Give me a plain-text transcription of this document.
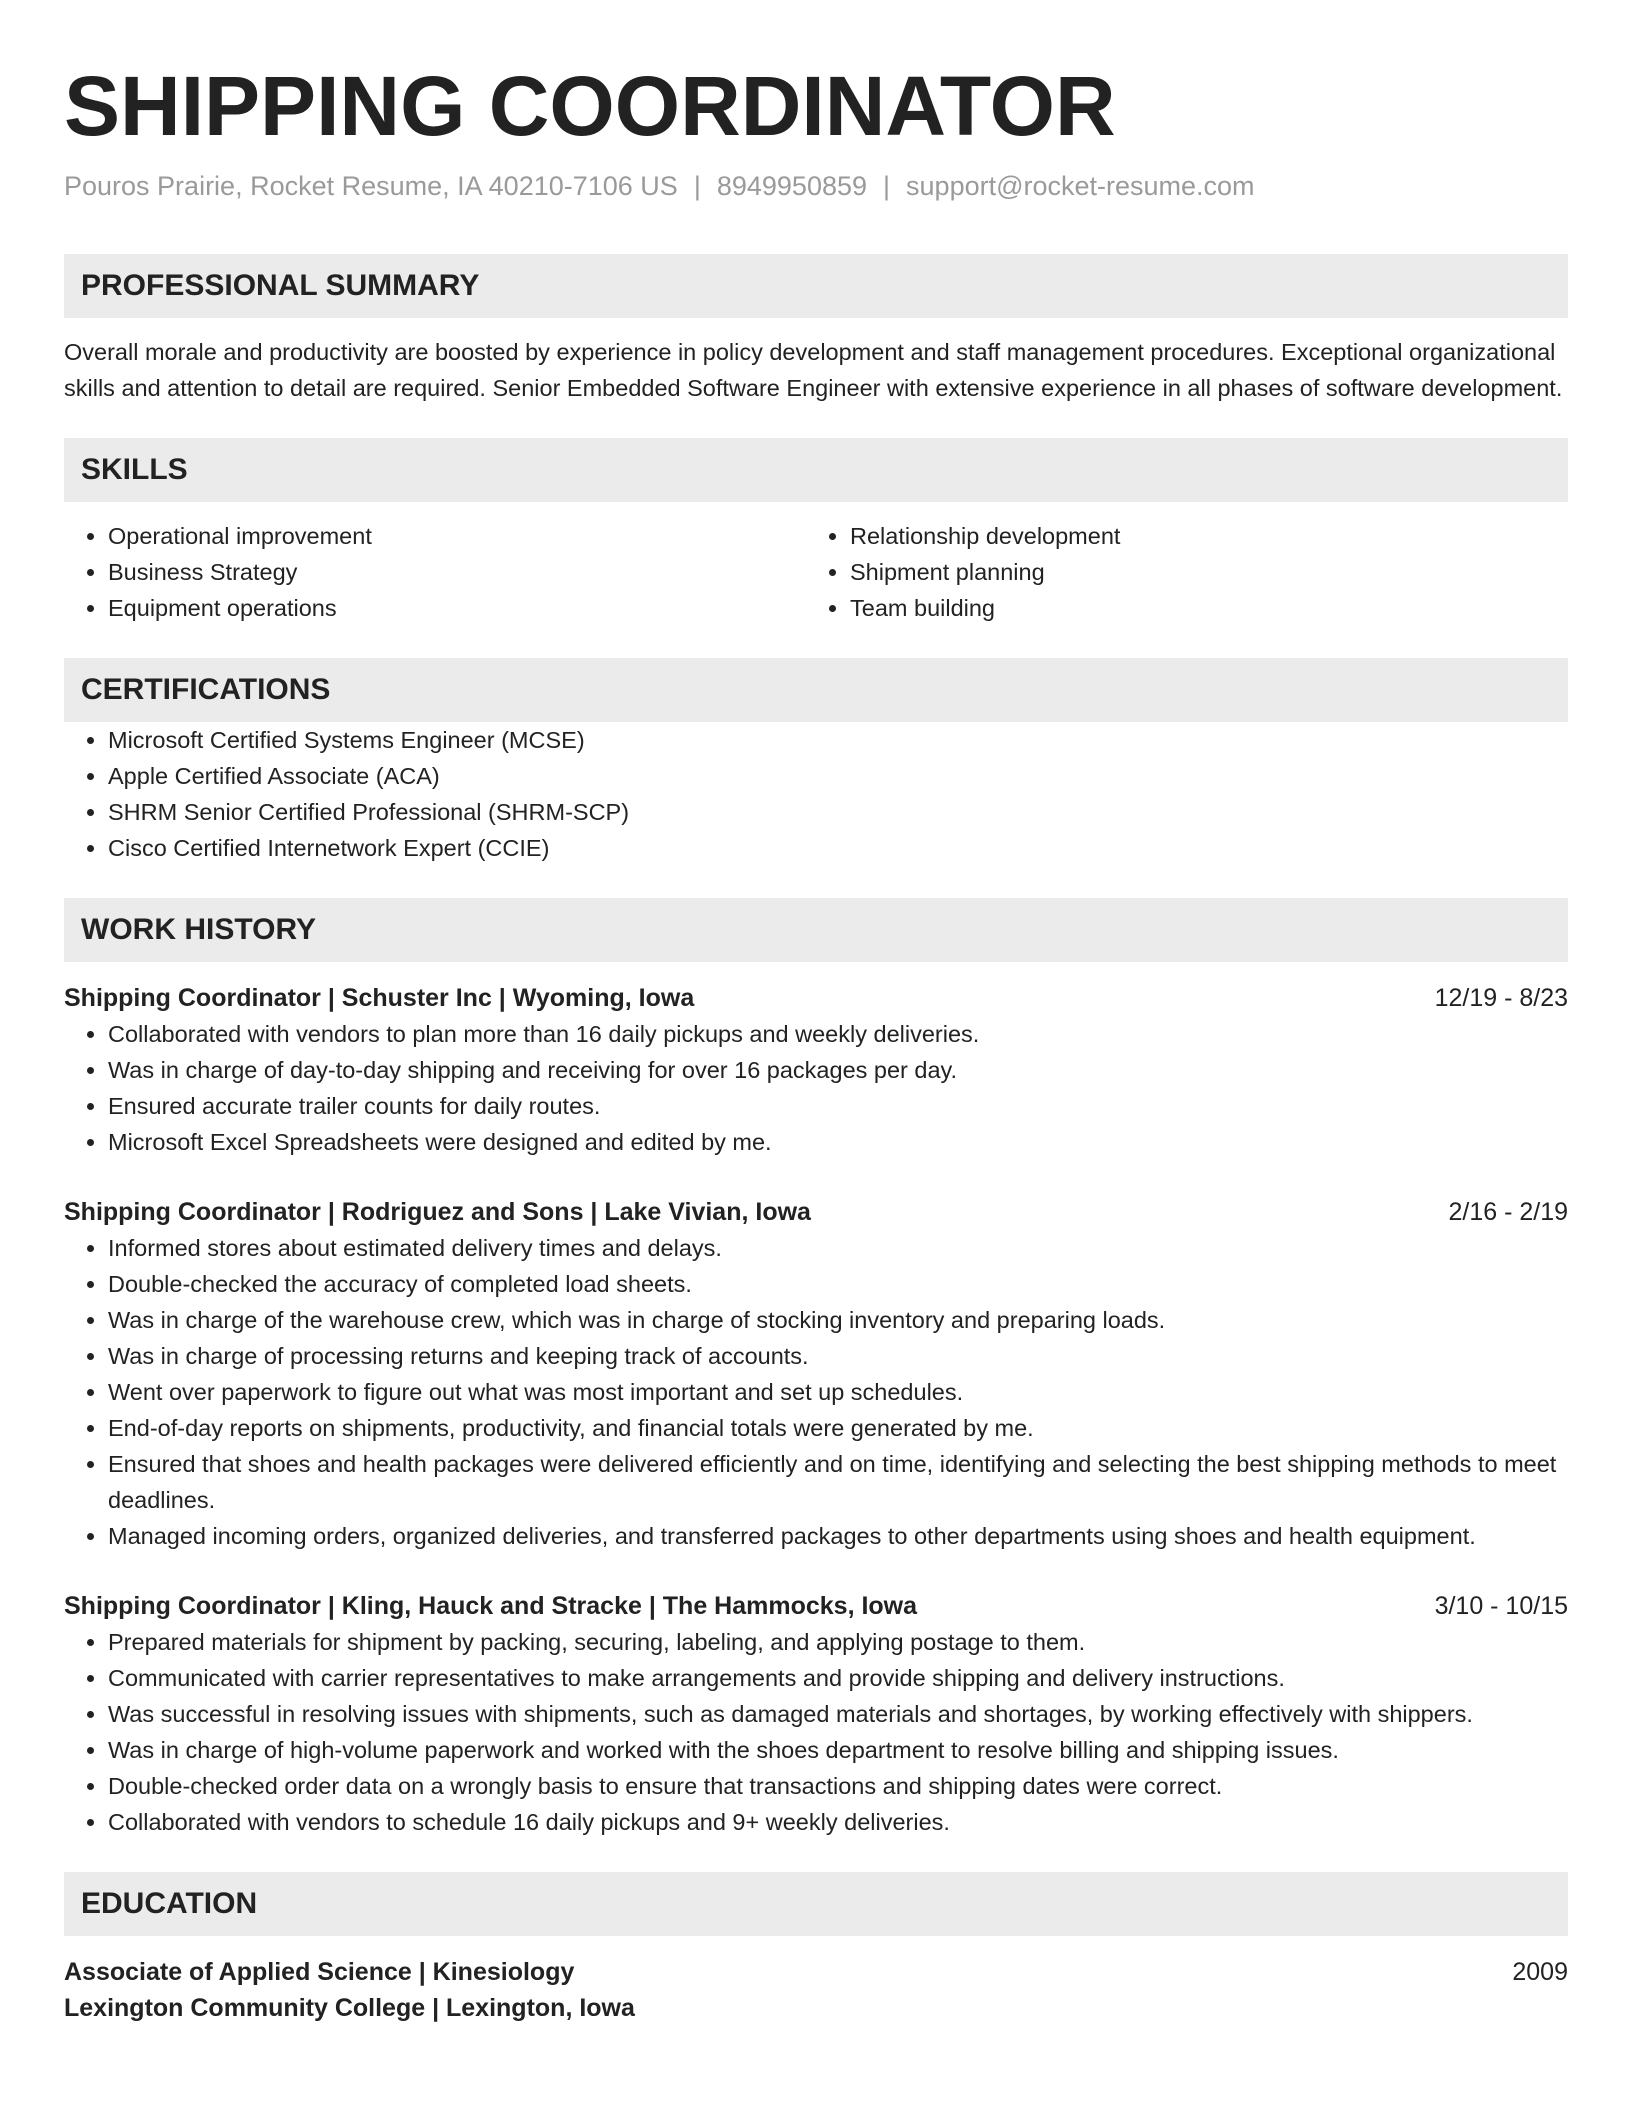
SHIPPING COORDINATOR
Pouros Prairie, Rocket Resume, IA 40210-7106 US | 8949950859 | support@rocket-resume.com
PROFESSIONAL SUMMARY

Overall morale and productivity are boosted by experience in policy development and staff management procedures. Exceptional organizational skills and attention to detail are required. Senior Embedded Software Engineer with extensive experience in all phases of software development.

SKILLS
• Operational improvement
• Business Strategy
• Equipment operations
• Relationship development
• Shipment planning
• Team building
CERTIFICATIONS
• Microsoft Certified Systems Engineer (MCSE)
• Apple Certified Associate (ACA)
• SHRM Senior Certified Professional (SHRM-SCP)
• Cisco Certified Internetwork Expert (CCIE)
WORK HISTORY
Shipping Coordinator | Schuster Inc | Wyoming, Iowa	12/19 - 8/23
• Collaborated with vendors to plan more than 16 daily pickups and weekly deliveries.
• Was in charge of day-to-day shipping and receiving for over 16 packages per day.
• Ensured accurate trailer counts for daily routes.
• Microsoft Excel Spreadsheets were designed and edited by me.
Shipping Coordinator | Rodriguez and Sons | Lake Vivian, Iowa	2/16 - 2/19
• Informed stores about estimated delivery times and delays.
• Double-checked the accuracy of completed load sheets.
• Was in charge of the warehouse crew, which was in charge of stocking inventory and preparing loads.
• Was in charge of processing returns and keeping track of accounts.
• Went over paperwork to figure out what was most important and set up schedules.
• End-of-day reports on shipments, productivity, and financial totals were generated by me.
• Ensured that shoes and health packages were delivered efficiently and on time, identifying and selecting the best shipping methods to meet deadlines.
• Managed incoming orders, organized deliveries, and transferred packages to other departments using shoes and health equipment.
Shipping Coordinator | Kling, Hauck and Stracke | The Hammocks, Iowa	3/10 - 10/15
• Prepared materials for shipment by packing, securing, labeling, and applying postage to them.
• Communicated with carrier representatives to make arrangements and provide shipping and delivery instructions.
• Was successful in resolving issues with shipments, such as damaged materials and shortages, by working effectively with shippers.
• Was in charge of high-volume paperwork and worked with the shoes department to resolve billing and shipping issues.
• Double-checked order data on a wrongly basis to ensure that transactions and shipping dates were correct.
• Collaborated with vendors to schedule 16 daily pickups and 9+ weekly deliveries.
EDUCATION
Associate of Applied Science | Kinesiology	2009
Lexington Community College | Lexington, Iowa
